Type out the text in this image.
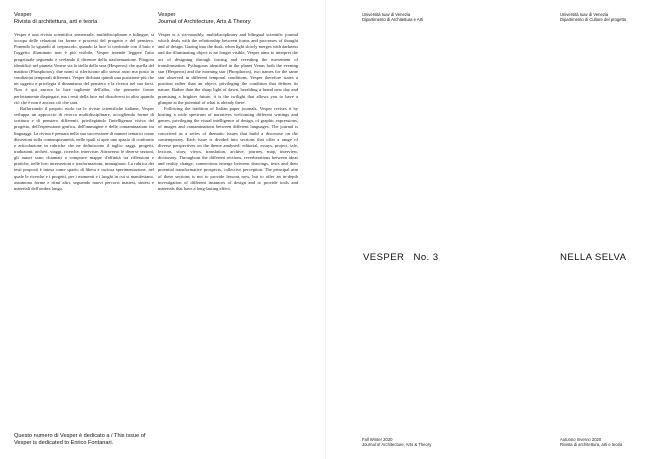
Vesper
Rivista di architettura, arti e teoria
Vesper
Journal of Architecture, Arts & Theory

Vesper è una rivista scientifica semestrale, multidisciplinare e bilingue, si occupa delle relazioni tra forme e processi del progetto e del pensiero. Ponendo lo sguardo al crepuscolo, quando la luce si confonde con il buio e l'oggetto illuminato non è più visibile, Vesper intende leggere l'atto progettuale seguendo e svelando il divenire della trasformazione. Pitagora identificò nel pianeta Venere sia la stella della sera (Hesperos) che quella del mattino (Phosphoros), due nomi si riferiscono allo stesso astro ma posto in condizioni temporali differenti. Vesper dichiara quindi una posizione più che un oggetto e privilegia il dinamismo del pensiero e la ricerca nel suo farsi. Non è qui ancora la luce tagliente dell'alba, che permette forme perfettamente dispiegate, ma i resti della luce nel dissolversi in altro quando ciò che è non è ancora ciò che sarà.

Rafforzando il proprio ruolo tra le riviste scientifiche italiane, Vesper sviluppa un approccio di ricerca multidisciplinare, accogliendo forme di scrittura e di pensiero differenti, privilegiando l'intelligenza visiva del progetto, dell'espressione grafica, dell'immagine e delle contaminazioni tra linguaggi. La rivista è pensata nella sua successione di numeri tematici come dissezioni sulla contemporaneità, nelle quali si apre uno spazio di confronto e articolazione in rubriche che ne definiscono il taglio: saggi, progetti, traduzioni, archivi, viaggi, ricerche, interviste. Attraverso le diverse sezioni, gli autori sono chiamati a comporre mappe d'affinità tra riflessioni e pratiche, nelle loro intersezioni e trasformazioni, immaginari. La rubrica dei testi proposti è intesa come spazio di libera e curiosa sperimentazione, nel quale le ricerche e i progetti, per i momenti e i luoghi in cui si manifestano, assumono forme e ritmi altri, seguendo nuovi percorsi inattesi, sintesi e materiali dell'ombra lunga.

Vesper is a six-monthly, multidisciplinary and bilingual scientific journal which deals with the relationship between forms and processes of thought and of design. Gazing into the dusk, when light slowly merges with darkness and the illuminating object is no longer visible, Vesper aims to interpret the act of designing through tracing and revealing the movement of transformation. Pythagoras identified in the planet Venus both the evening star (Hesperos) and the morning star (Phosphoros), two names for the same star observed in different temporal conditions. Vesper therefore states a position rather than an object, privileging the condition that defines its nature. Rather than the sharp light of dawn, heralding a brand new day and promising a brighter future, it is the twilight that allows you to have a glimpse at the potential of what is already there.

Following the tradition of Italian paper journals, Vesper revises it by hosting a wide spectrum of narratives welcoming different writings and genres, privileging the visual intelligence of design, of graphic expressions, of images and contaminations between different languages. The journal is conceived as a series of thematic issues that build a discourse on the contemporary. Each issue is divided into sections that offer a range of diverse perspectives on the theme analysed: editorial, essays, project, tale, lexicon, story, views, translation, archive, journey, map, interview, dictionary. Throughout the different sections, reverberations between ideas and reality change, connections emerge between drawings, texts and their potential transformative prospects, collective perception. The principal aim of these sections is not to provide lessons now, but to offer an in-depth investigation of different instances of design and to provide tools and materials that have a long-lasting effect.

Questo numero di Vesper è dedicato a / This issue of Vesper is dedicated to Enrico Fontanari.
Università Iuav di Venezia
Dipartimento di Architettura e Arti
Università Iuav di Venezia
Dipartimento di Culture del progetto
VESPER   No. 3	NELLA SELVA
Fall Winter 2020
Journal of Architecture, Arts & Theory
Autunno Inverno 2020
Rivista di architettura, arti e teoria
